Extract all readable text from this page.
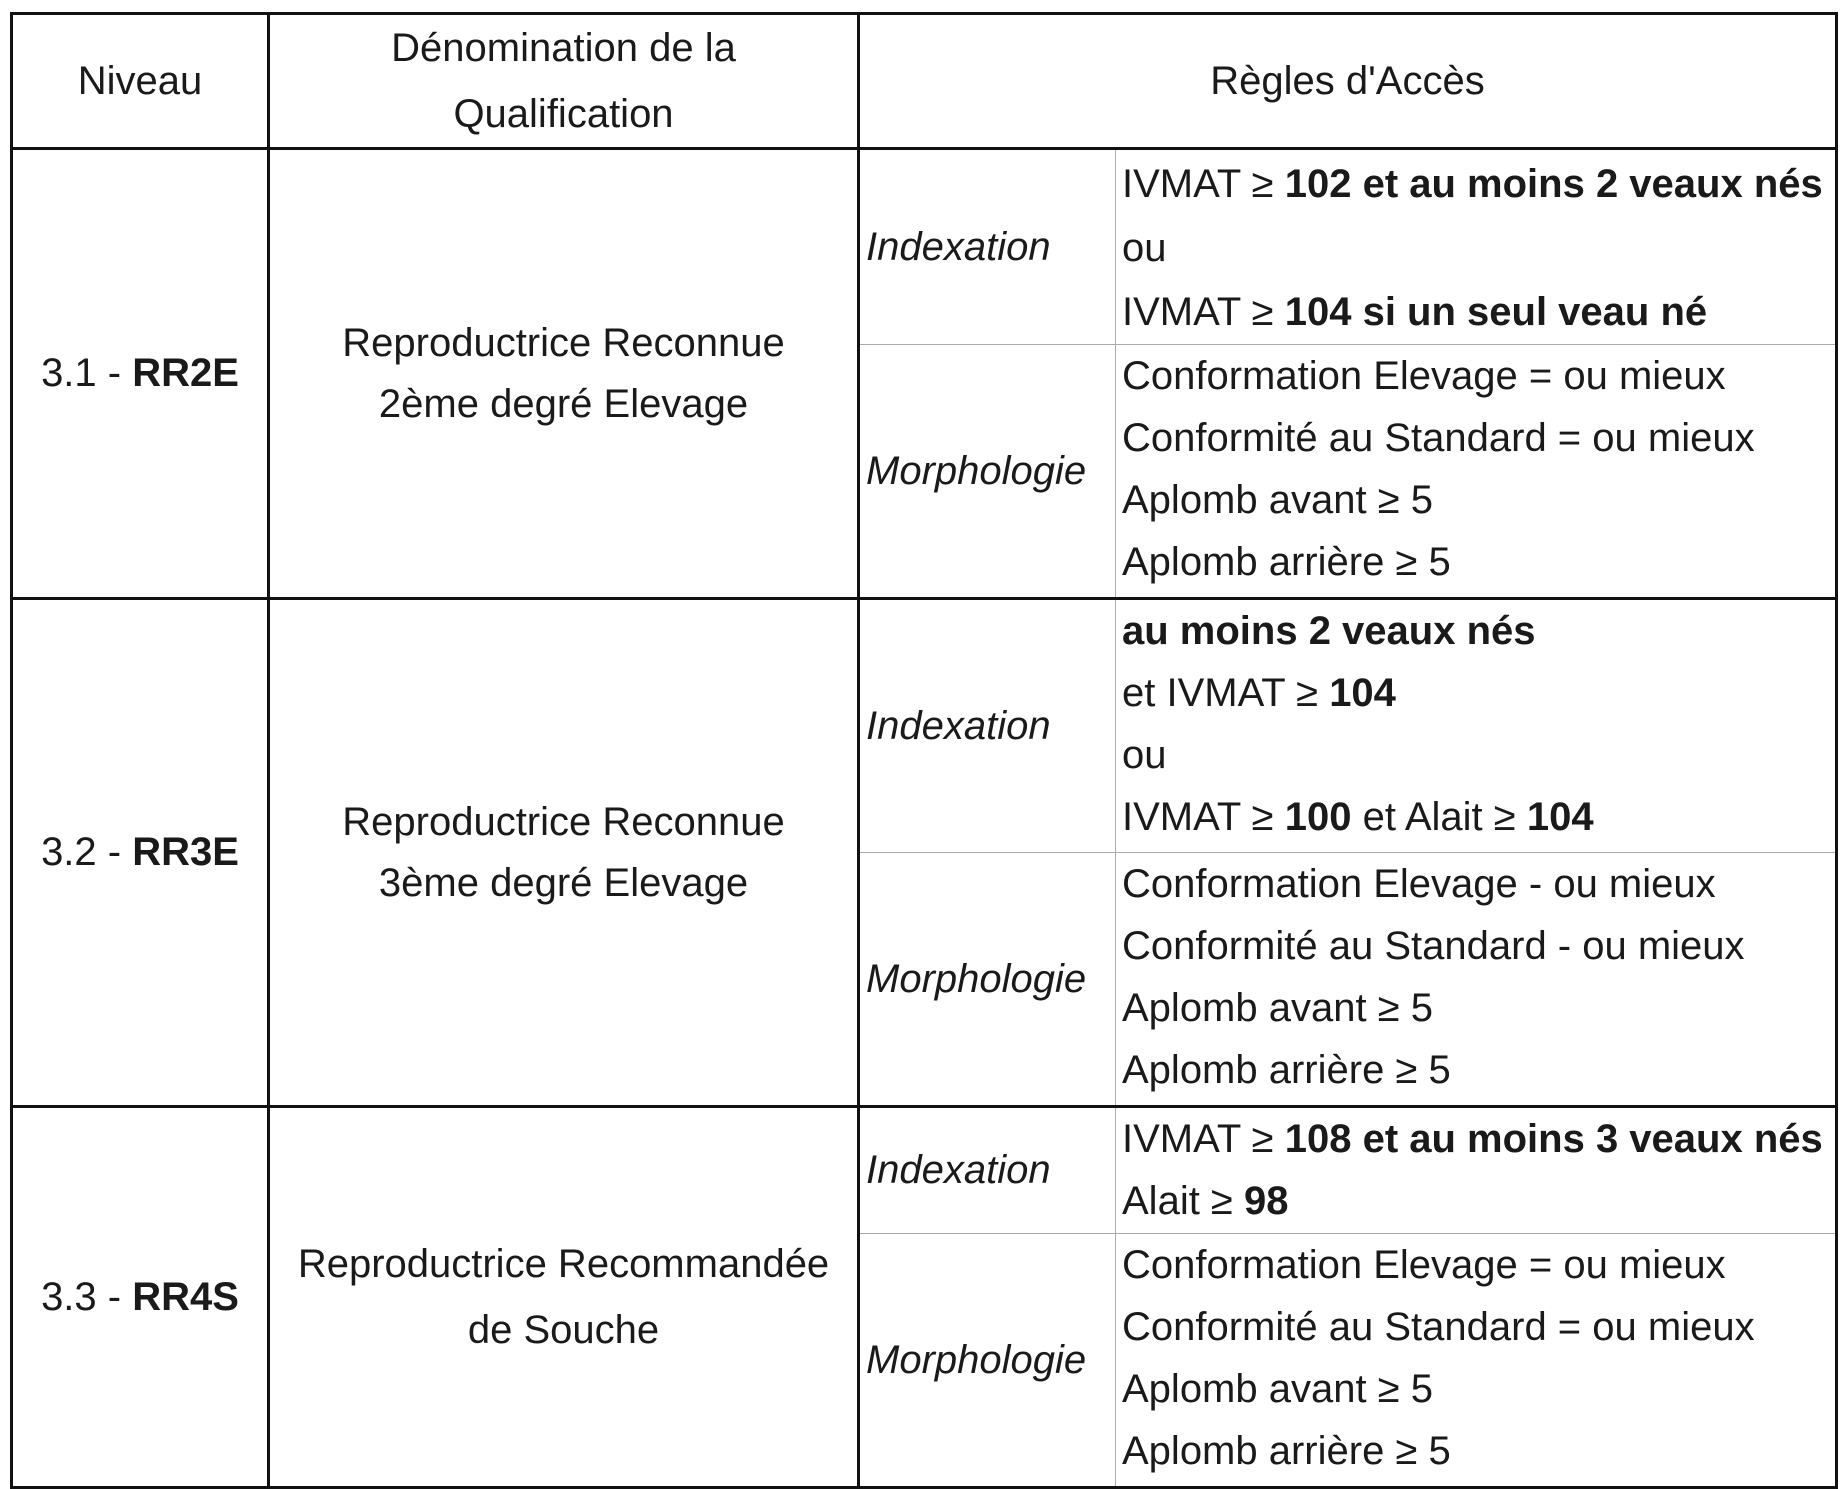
Niveau	Dénomination de la Qualification	Règles d'Accès	
3.1 - RR2E	Reproductrice Reconnue 2ème degré Elevage	Indexation	IVMAT ≥ 102 et au moins 2 veaux nés
ou
IVMAT ≥ 104 si un seul veau né

		Morphologie	Conformation Elevage = ou mieux
Conformité au Standard = ou mieux
Aplomb avant ≥ 5
Aplomb arrière ≥ 5

3.2 - RR3E	Reproductrice Reconnue 3ème degré Elevage	Indexation	au moins 2 veaux nés
et IVMAT ≥ 104
ou
IVMAT ≥ 100 et Alait ≥ 104

		Morphologie	Conformation Elevage - ou mieux
Conformité au Standard - ou mieux
Aplomb avant ≥ 5
Aplomb arrière ≥ 5

3.3 - RR4S	Reproductrice Recommandée de Souche	Indexation	IVMAT ≥ 108 et au moins 3 veaux nés
Alait ≥ 98

		Morphologie	Conformation Elevage = ou mieux
Conformité au Standard = ou mieux
Aplomb avant ≥ 5
Aplomb arrière ≥ 5
